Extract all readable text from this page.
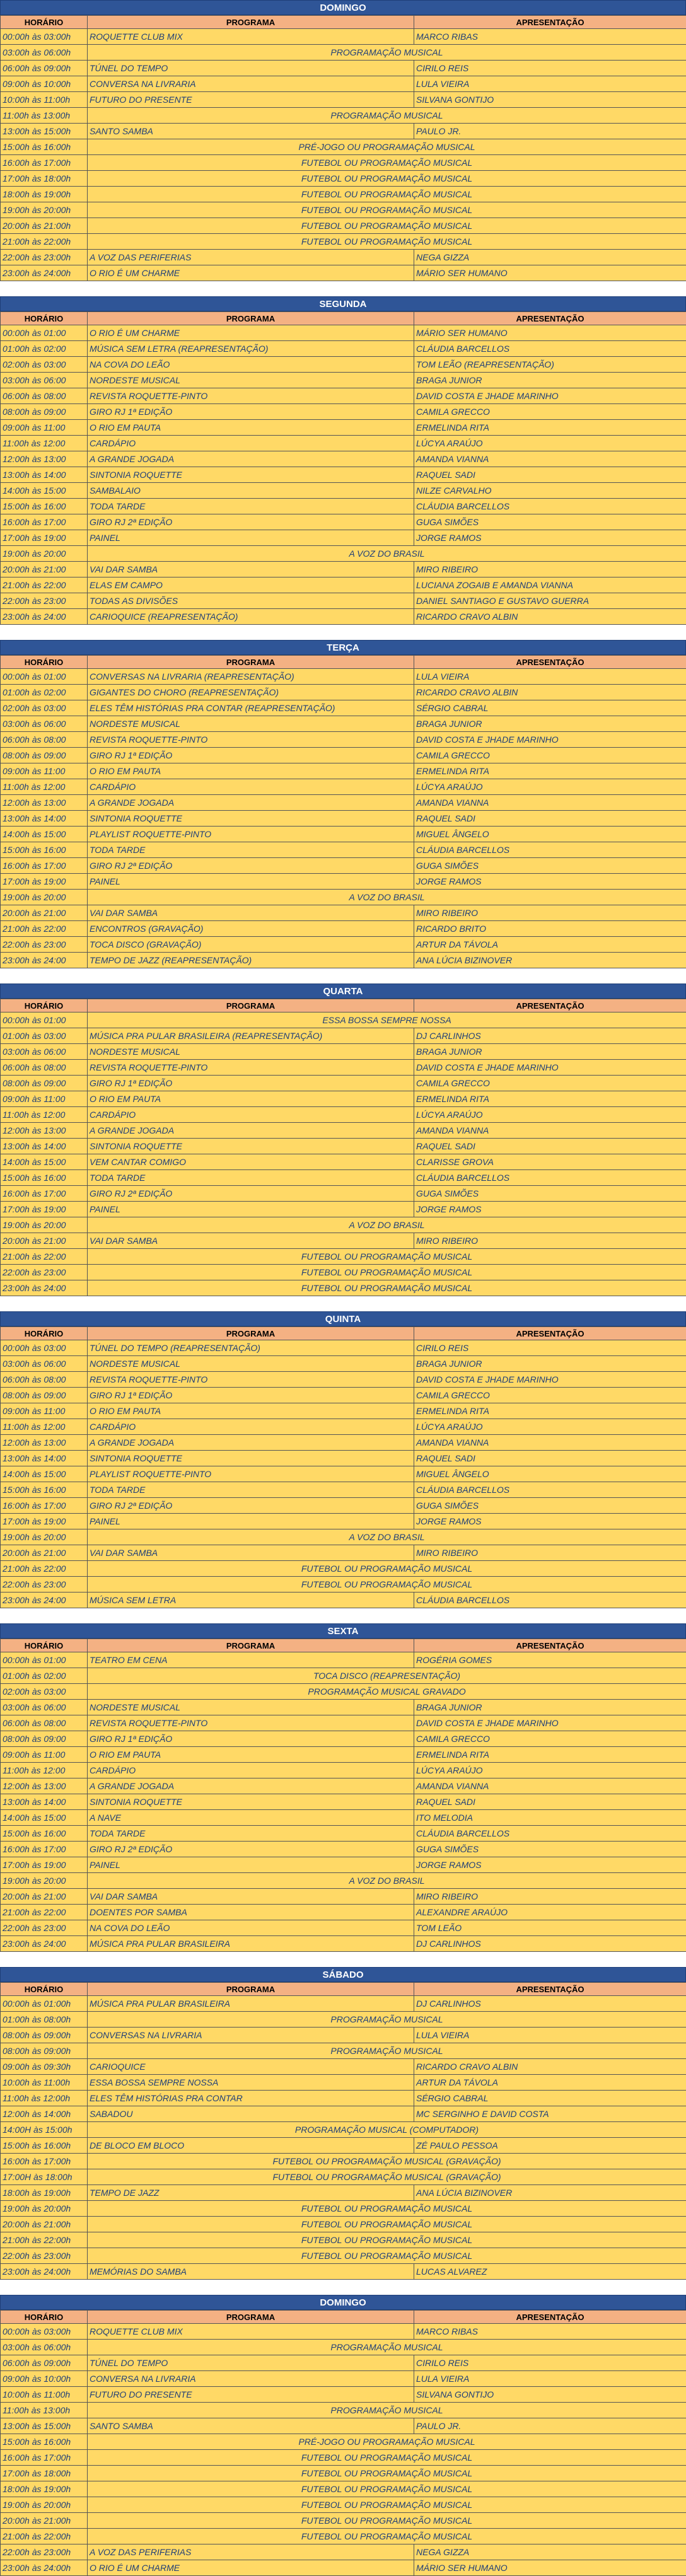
DOMINGO
HORÁRIO	PROGRAMA	APRESENTAÇÃO
00:00h às 03:00h	ROQUETTE CLUB MIX	MARCO RIBAS
03:00h às 06:00h	PROGRAMAÇÃO MUSICAL	
06:00h às 09:00h	TÚNEL DO TEMPO	CIRILO REIS
09:00h às 10:00h	CONVERSA NA LIVRARIA	LULA VIEIRA
10:00h às 11:00h	FUTURO DO PRESENTE	SILVANA GONTIJO
11:00h às 13:00h	PROGRAMAÇÃO MUSICAL	
13:00h às 15:00h	SANTO SAMBA	PAULO JR.
15:00h às 16:00h	PRÉ-JOGO OU PROGRAMAÇÃO MUSICAL	
16:00h às 17:00h	FUTEBOL OU PROGRAMAÇÃO MUSICAL	
17:00h às 18:00h	FUTEBOL OU PROGRAMAÇÃO MUSICAL	
18:00h às 19:00h	FUTEBOL OU PROGRAMAÇÃO MUSICAL	
19:00h às 20:00h	FUTEBOL OU PROGRAMAÇÃO MUSICAL	
20:00h às 21:00h	FUTEBOL OU PROGRAMAÇÃO MUSICAL	
21:00h às 22:00h	FUTEBOL OU PROGRAMAÇÃO MUSICAL	
22:00h às 23:00h	A VOZ DAS PERIFERIAS	NEGA GIZZA
23:00h às 24:00h	O RIO É UM CHARME	MÁRIO SER HUMANO
SEGUNDA
HORÁRIO	PROGRAMA	APRESENTAÇÃO
00:00h às 01:00	O RIO É UM CHARME	MÁRIO SER HUMANO
01:00h às 02:00	MÚSICA SEM LETRA (REAPRESENTAÇÃO)	CLÁUDIA BARCELLOS
02:00h às 03:00	NA COVA DO LEÃO	TOM LEÃO (REAPRESENTAÇÃO)
03:00h às 06:00	NORDESTE MUSICAL	BRAGA JUNIOR
06:00h às 08:00	REVISTA ROQUETTE-PINTO	DAVID COSTA E JHADE MARINHO
08:00h às 09:00	GIRO RJ 1ª EDIÇÃO	CAMILA GRECCO
09:00h às 11:00	O RIO EM PAUTA	ERMELINDA RITA
11:00h às 12:00	CARDÁPIO	LÚCYA ARAÚJO
12:00h às 13:00	A GRANDE JOGADA	AMANDA VIANNA
13:00h às 14:00	SINTONIA ROQUETTE	RAQUEL SADI
14:00h às 15:00	SAMBALAIO	NILZE CARVALHO
15:00h às 16:00	TODA TARDE	CLÁUDIA BARCELLOS
16:00h às 17:00	GIRO RJ 2ª EDIÇÃO	GUGA SIMÕES
17:00h às 19:00	PAINEL	JORGE RAMOS
19:00h às 20:00	A VOZ DO BRASIL	
20:00h às 21:00	VAI DAR SAMBA	MIRO RIBEIRO
21:00h às 22:00	ELAS EM CAMPO	LUCIANA ZOGAIB E AMANDA VIANNA
22:00h às 23:00	TODAS AS DIVISÕES	DANIEL SANTIAGO E GUSTAVO GUERRA
23:00h às 24:00	CARIOQUICE (REAPRESENTAÇÃO)	RICARDO CRAVO ALBIN
TERÇA
HORÁRIO	PROGRAMA	APRESENTAÇÃO
00:00h às 01:00	CONVERSAS NA LIVRARIA (REAPRESENTAÇÃO)	LULA VIEIRA
01:00h às 02:00	GIGANTES DO CHORO (REAPRESENTAÇÃO)	RICARDO CRAVO ALBIN
02:00h às 03:00	ELES TÊM HISTÓRIAS PRA CONTAR (REAPRESENTAÇÃO)	SÉRGIO CABRAL
03:00h às 06:00	NORDESTE MUSICAL	BRAGA JUNIOR
06:00h às 08:00	REVISTA ROQUETTE-PINTO	DAVID COSTA E JHADE MARINHO
08:00h às 09:00	GIRO RJ 1ª EDIÇÃO	CAMILA GRECCO
09:00h às 11:00	O RIO EM PAUTA	ERMELINDA RITA
11:00h às 12:00	CARDÁPIO	LÚCYA ARAÚJO
12:00h às 13:00	A GRANDE JOGADA	AMANDA VIANNA
13:00h às 14:00	SINTONIA ROQUETTE	RAQUEL SADI
14:00h às 15:00	PLAYLIST ROQUETTE-PINTO	MIGUEL ÂNGELO
15:00h às 16:00	TODA TARDE	CLÁUDIA BARCELLOS
16:00h às 17:00	GIRO RJ 2ª EDIÇÃO	GUGA SIMÕES
17:00h às 19:00	PAINEL	JORGE RAMOS
19:00h às 20:00	A VOZ DO BRASIL	
20:00h às 21:00	VAI DAR SAMBA	MIRO RIBEIRO
21:00h às 22:00	ENCONTROS (GRAVAÇÃO)	RICARDO BRITO
22:00h às 23:00	TOCA DISCO (GRAVAÇÃO)	ARTUR DA TÁVOLA
23:00h às 24:00	TEMPO DE JAZZ (REAPRESENTAÇÃO)	ANA LÚCIA BIZINOVER
QUARTA
HORÁRIO	PROGRAMA	APRESENTAÇÃO
00:00h às 01:00	ESSA BOSSA SEMPRE NOSSA	
01:00h às 03:00	MÚSICA PRA PULAR BRASILEIRA (REAPRESENTAÇÃO)	DJ CARLINHOS
03:00h às 06:00	NORDESTE MUSICAL	BRAGA JUNIOR
06:00h às 08:00	REVISTA ROQUETTE-PINTO	DAVID COSTA E JHADE MARINHO
08:00h às 09:00	GIRO RJ 1ª EDIÇÃO	CAMILA GRECCO
09:00h às 11:00	O RIO EM PAUTA	ERMELINDA RITA
11:00h às 12:00	CARDÁPIO	LÚCYA ARAÚJO
12:00h às 13:00	A GRANDE JOGADA	AMANDA VIANNA
13:00h às 14:00	SINTONIA ROQUETTE	RAQUEL SADI
14:00h às 15:00	VEM CANTAR COMIGO	CLARISSE GROVA
15:00h às 16:00	TODA TARDE	CLÁUDIA BARCELLOS
16:00h às 17:00	GIRO RJ 2ª EDIÇÃO	GUGA SIMÕES
17:00h às 19:00	PAINEL	JORGE RAMOS
19:00h às 20:00	A VOZ DO BRASIL	
20:00h às 21:00	VAI DAR SAMBA	MIRO RIBEIRO
21:00h às 22:00	FUTEBOL OU PROGRAMAÇÃO MUSICAL	
22:00h às 23:00	FUTEBOL OU PROGRAMAÇÃO MUSICAL	
23:00h às 24:00	FUTEBOL OU PROGRAMAÇÃO MUSICAL	
QUINTA
HORÁRIO	PROGRAMA	APRESENTAÇÃO
00:00h às 03:00	TÚNEL DO TEMPO (REAPRESENTAÇÃO)	CIRILO REIS
03:00h às 06:00	NORDESTE MUSICAL	BRAGA JUNIOR
06:00h às 08:00	REVISTA ROQUETTE-PINTO	DAVID COSTA E JHADE MARINHO
08:00h às 09:00	GIRO RJ 1ª EDIÇÃO	CAMILA GRECCO
09:00h às 11:00	O RIO EM PAUTA	ERMELINDA RITA
11:00h às 12:00	CARDÁPIO	LÚCYA ARAÚJO
12:00h às 13:00	A GRANDE JOGADA	AMANDA VIANNA
13:00h às 14:00	SINTONIA ROQUETTE	RAQUEL SADI
14:00h às 15:00	PLAYLIST ROQUETTE-PINTO	MIGUEL ÂNGELO
15:00h às 16:00	TODA TARDE	CLÁUDIA BARCELLOS
16:00h às 17:00	GIRO RJ 2ª EDIÇÃO	GUGA SIMÕES
17:00h às 19:00	PAINEL	JORGE RAMOS
19:00h às 20:00	A VOZ DO BRASIL	
20:00h às 21:00	VAI DAR SAMBA	MIRO RIBEIRO
21:00h às 22:00	FUTEBOL OU PROGRAMAÇÃO MUSICAL	
22:00h às 23:00	FUTEBOL OU PROGRAMAÇÃO MUSICAL	
23:00h às 24:00	MÚSICA SEM LETRA	CLÁUDIA BARCELLOS
SEXTA
HORÁRIO	PROGRAMA	APRESENTAÇÃO
00:00h às 01:00	TEATRO EM CENA	ROGÉRIA GOMES
01:00h às 02:00	TOCA DISCO (REAPRESENTAÇÃO)	
02:00h às 03:00	PROGRAMAÇÃO MUSICAL GRAVADO	
03:00h às 06:00	NORDESTE MUSICAL	BRAGA JUNIOR
06:00h às 08:00	REVISTA ROQUETTE-PINTO	DAVID COSTA E JHADE MARINHO
08:00h às 09:00	GIRO RJ 1ª EDIÇÃO	CAMILA GRECCO
09:00h às 11:00	O RIO EM PAUTA	ERMELINDA RITA
11:00h às 12:00	CARDÁPIO	LÚCYA ARAÚJO
12:00h às 13:00	A GRANDE JOGADA	AMANDA VIANNA
13:00h às 14:00	SINTONIA ROQUETTE	RAQUEL SADI
14:00h às 15:00	A NAVE	ITO MELODIA
15:00h às 16:00	TODA TARDE	CLÁUDIA BARCELLOS
16:00h às 17:00	GIRO RJ 2ª EDIÇÃO	GUGA SIMÕES
17:00h às 19:00	PAINEL	JORGE RAMOS
19:00h às 20:00	A VOZ DO BRASIL	
20:00h às 21:00	VAI DAR SAMBA	MIRO RIBEIRO
21:00h às 22:00	DOENTES POR SAMBA	ALEXANDRE ARAÚJO
22:00h às 23:00	NA COVA DO LEÃO	TOM LEÃO
23:00h às 24:00	MÚSICA PRA PULAR BRASILEIRA	DJ CARLINHOS
SÁBADO
HORÁRIO	PROGRAMA	APRESENTAÇÃO
00:00h às 01:00h	MÚSICA PRA PULAR BRASILEIRA	DJ CARLINHOS
01:00h às 08:00h	PROGRAMAÇÃO MUSICAL	
08:00h às 09:00h	CONVERSAS NA LIVRARIA	LULA VIEIRA
08:00h às 09:00h	PROGRAMAÇÃO MUSICAL	
09:00h às 09:30h	CARIOQUICE	RICARDO CRAVO ALBIN
10:00h às 11:00h	ESSA BOSSA SEMPRE NOSSA	ARTUR DA TÁVOLA
11:00h às 12:00h	ELES TÊM HISTÓRIAS PRA CONTAR	SÉRGIO CABRAL
12:00h às 14:00h	SABADOU	MC SERGINHO E DAVID COSTA
14:00H às 15:00h	PROGRAMAÇÃO MUSICAL (COMPUTADOR)	
15:00h às 16:00h	DE BLOCO EM BLOCO	ZÉ PAULO PESSOA
16:00h às 17:00h	FUTEBOL OU PROGRAMAÇÃO MUSICAL (GRAVAÇÃO)	
17:00H às 18:00h	FUTEBOL OU PROGRAMAÇÃO MUSICAL (GRAVAÇÃO)	
18:00h às 19:00h	TEMPO DE JAZZ	ANA LÚCIA BIZINOVER
19:00h às 20:00h	FUTEBOL OU PROGRAMAÇÃO MUSICAL	
20:00h às 21:00h	FUTEBOL OU PROGRAMAÇÃO MUSICAL	
21:00h às 22:00h	FUTEBOL OU PROGRAMAÇÃO MUSICAL	
22:00h às 23:00h	FUTEBOL OU PROGRAMAÇÃO MUSICAL	
23:00h às 24:00h	MEMÓRIAS DO SAMBA	LUCAS ALVAREZ
DOMINGO
HORÁRIO	PROGRAMA	APRESENTAÇÃO
00:00h às 03:00h	ROQUETTE CLUB MIX	MARCO RIBAS
03:00h às 06:00h	PROGRAMAÇÃO MUSICAL	
06:00h às 09:00h	TÚNEL DO TEMPO	CIRILO REIS
09:00h às 10:00h	CONVERSA NA LIVRARIA	LULA VIEIRA
10:00h às 11:00h	FUTURO DO PRESENTE	SILVANA GONTIJO
11:00h às 13:00h	PROGRAMAÇÃO MUSICAL	
13:00h às 15:00h	SANTO SAMBA	PAULO JR.
15:00h às 16:00h	PRÉ-JOGO OU PROGRAMAÇÃO MUSICAL	
16:00h às 17:00h	FUTEBOL OU PROGRAMAÇÃO MUSICAL	
17:00h às 18:00h	FUTEBOL OU PROGRAMAÇÃO MUSICAL	
18:00h às 19:00h	FUTEBOL OU PROGRAMAÇÃO MUSICAL	
19:00h às 20:00h	FUTEBOL OU PROGRAMAÇÃO MUSICAL	
20:00h às 21:00h	FUTEBOL OU PROGRAMAÇÃO MUSICAL	
21:00h às 22:00h	FUTEBOL OU PROGRAMAÇÃO MUSICAL	
22:00h às 23:00h	A VOZ DAS PERIFERIAS	NEGA GIZZA
23:00h às 24:00h	O RIO É UM CHARME	MÁRIO SER HUMANO
